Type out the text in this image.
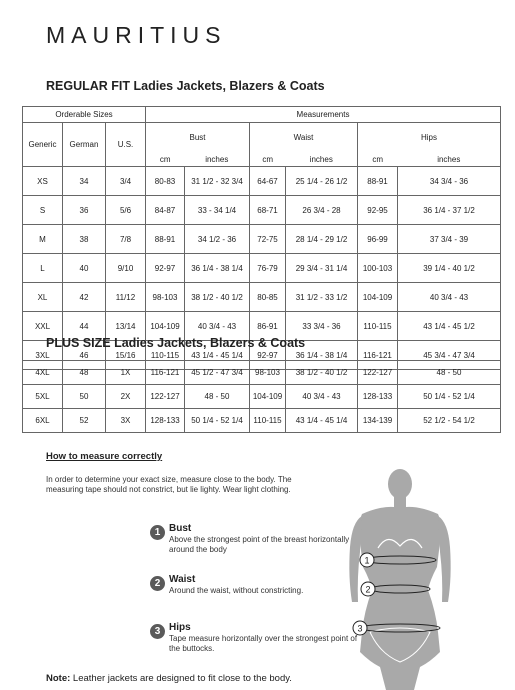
MAURITIUS
REGULAR FIT Ladies Jackets, Blazers & Coats
Orderable Sizes			Measurements					
Generic	German	U.S.	Bust		Waist		Hips	
			cm	inches	cm	inches	cm	inches
XS	34	3/4	80-83	31 1/2 - 32 3/4	64-67	25 1/4 - 26 1/2	88-91	34 3/4 - 36
S	36	5/6	84-87	33 - 34 1/4	68-71	26 3/4 - 28	92-95	36 1/4 - 37 1/2
M	38	7/8	88-91	34 1/2 - 36	72-75	28 1/4 - 29 1/2	96-99	37 3/4 - 39
L	40	9/10	92-97	36 1/4 - 38 1/4	76-79	29 3/4 - 31 1/4	100-103	39 1/4 - 40 1/2
XL	42	11/12	98-103	38 1/2 - 40 1/2	80-85	31 1/2 - 33 1/2	104-109	40 3/4 - 43
XXL	44	13/14	104-109	40 3/4 - 43	86-91	33 3/4 - 36	110-115	43 1/4 - 45 1/2
3XL	46	15/16	110-115	43 1/4 - 45 1/4	92-97	36 1/4 - 38 1/4	116-121	45 3/4 - 47 3/4
PLUS SIZE Ladies Jackets, Blazers & Coats
4XL	48	1X	116-121	45 1/2 - 47 3/4	98-103	38 1/2 - 40 1/2	122-127	48 - 50
5XL	50	2X	122-127	48 - 50	104-109	40 3/4 - 43	128-133	50 1/4 - 52 1/4
6XL	52	3X	128-133	50 1/4 - 52 1/4	110-115	43 1/4 - 45 1/4	134-139	52 1/2 - 54 1/2
How to measure correctly
In order to determine your exact size, measure close to the body. The measuring tape should not constrict, but lie lighty. Wear light clothing.
1 Bust
Above the strongest point of the breast horizontally around the body
2 Waist
Around the waist, without constricting.
3 Hips
Tape measure horizontally over the strongest point of the buttocks.
1
2
3
Note: Leather jackets are designed to fit close to the body.
